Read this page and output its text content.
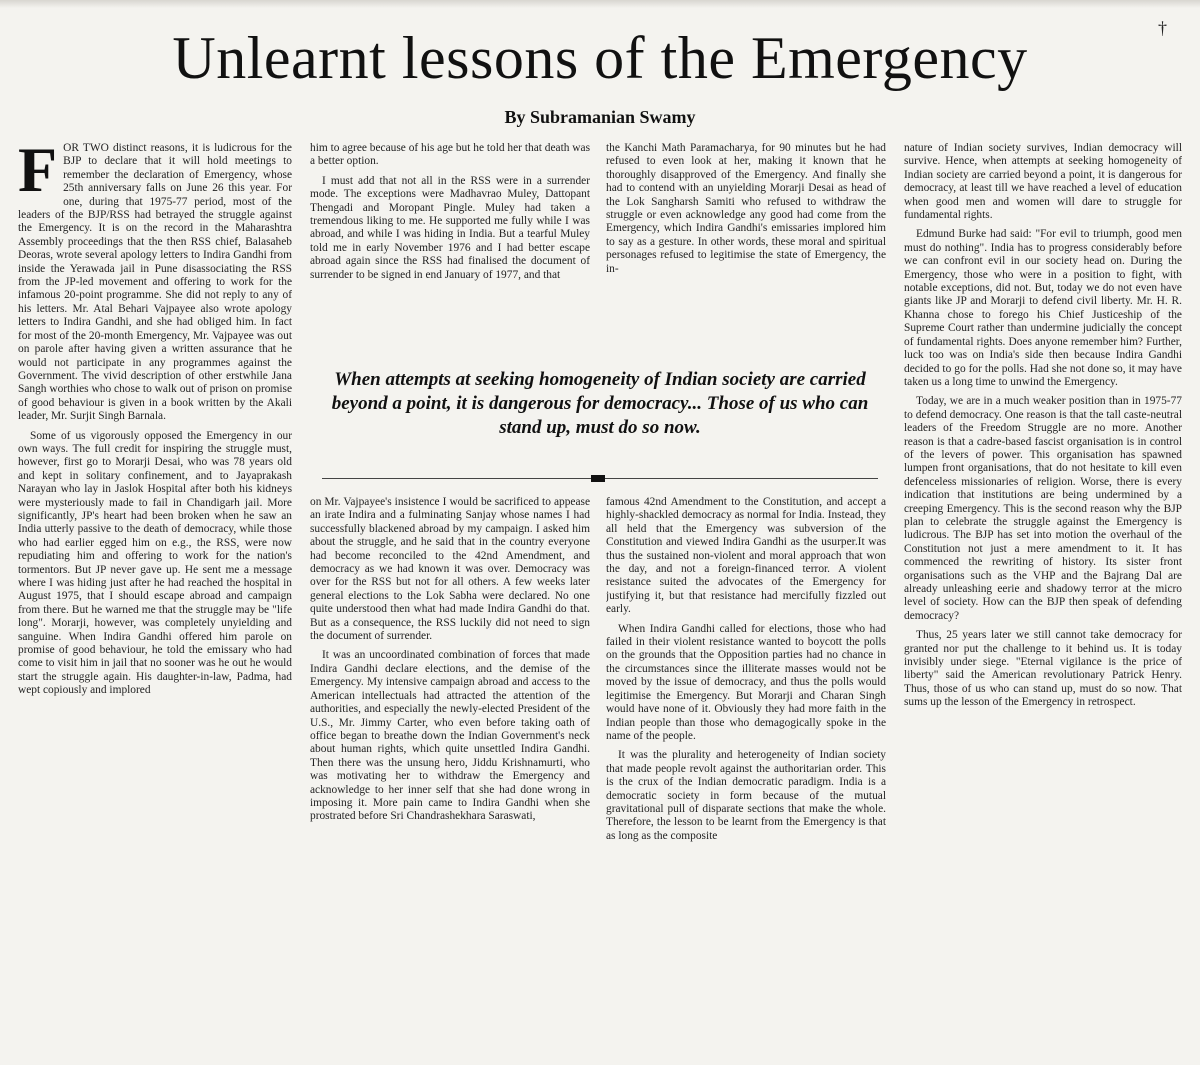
†
Unlearnt lessons of the Emergency
By Subramanian Swamy

FOR TWO distinct reasons, it is ludicrous for the BJP to declare that it will hold meetings to remember the declaration of Emergency, whose 25th anniversary falls on June 26 this year. For one, during that 1975-77 period, most of the leaders of the BJP/RSS had betrayed the struggle against the Emergency. It is on the record in the Maharashtra Assembly proceedings that the then RSS chief, Balasaheb Deoras, wrote several apology letters to Indira Gandhi from inside the Yerawada jail in Pune disassociating the RSS from the JP-led movement and offering to work for the infamous 20-point programme. She did not reply to any of his letters. Mr. Atal Behari Vajpayee also wrote apology letters to Indira Gandhi, and she had obliged him. In fact for most of the 20-month Emergency, Mr. Vajpayee was out on parole after having given a written assurance that he would not participate in any programmes against the Government. The vivid description of other erstwhile Jana Sangh worthies who chose to walk out of prison on promise of good behaviour is given in a book written by the Akali leader, Mr. Surjit Singh Barnala.

Some of us vigorously opposed the Emergency in our own ways. The full credit for inspiring the struggle must, however, first go to Morarji Desai, who was 78 years old and kept in solitary confinement, and to Jayaprakash Narayan who lay in Jaslok Hospital after both his kidneys were mysteriously made to fail in Chandigarh jail. More significantly, JP's heart had been broken when he saw an India utterly passive to the death of democracy, while those who had earlier egged him on e.g., the RSS, were now repudiating him and offering to work for the nation's tormentors. But JP never gave up. He sent me a message where I was hiding just after he had reached the hospital in August 1975, that I should escape abroad and campaign from there. But he warned me that the struggle may be "life long". Morarji, however, was completely unyielding and sanguine. When Indira Gandhi offered him parole on promise of good behaviour, he told the emissary who had come to visit him in jail that no sooner was he out he would start the struggle again. His daughter-in-law, Padma, had wept copiously and implored

him to agree because of his age but he told her that death was a better option.

I must add that not all in the RSS were in a surrender mode. The exceptions were Madhavrao Muley, Dattopant Thengadi and Moropant Pingle. Muley had taken a tremendous liking to me. He supported me fully while I was abroad, and while I was hiding in India. But a tearful Muley told me in early November 1976 and I had better escape abroad again since the RSS had finalised the document of surrender to be signed in end January of 1977, and that

the Kanchi Math Paramacharya, for 90 minutes but he had refused to even look at her, making it known that he thoroughly disapproved of the Emergency. And finally she had to contend with an unyielding Morarji Desai as head of the Lok Sangharsh Samiti who refused to withdraw the struggle or even acknowledge any good had come from the Emergency, which Indira Gandhi's emissaries implored him to say as a gesture. In other words, these moral and spiritual personages refused to legitimise the state of Emergency, the in-

When attempts at seeking homogeneity of Indian society are carried beyond a point, it is dangerous for democracy... Those of us who can stand up, must do so now.

on Mr. Vajpayee's insistence I would be sacrificed to appease an irate Indira and a fulminating Sanjay whose names I had successfully blackened abroad by my campaign. I asked him about the struggle, and he said that in the country everyone had become reconciled to the 42nd Amendment, and democracy as we had known it was over. Democracy was over for the RSS but not for all others. A few weeks later general elections to the Lok Sabha were declared. No one quite understood then what had made Indira Gandhi do that. But as a consequence, the RSS luckily did not need to sign the document of surrender.

It was an uncoordinated combination of forces that made Indira Gandhi declare elections, and the demise of the Emergency. My intensive campaign abroad and access to the American intellectuals had attracted the attention of the authorities, and especially the newly-elected President of the U.S., Mr. Jimmy Carter, who even before taking oath of office began to breathe down the Indian Government's neck about human rights, which quite unsettled Indira Gandhi. Then there was the unsung hero, Jiddu Krishnamurti, who was motivating her to withdraw the Emergency and acknowledge to her inner self that she had done wrong in imposing it. More pain came to Indira Gandhi when she prostrated before Sri Chandrashekhara Saraswati,

famous 42nd Amendment to the Constitution, and accept a highly-shackled democracy as normal for India. Instead, they all held that the Emergency was subversion of the Constitution and viewed Indira Gandhi as the usurper.It was thus the sustained non-violent and moral approach that won the day, and not a foreign-financed terror. A violent resistance suited the advocates of the Emergency for justifying it, but that resistance had mercifully fizzled out early.

When Indira Gandhi called for elections, those who had failed in their violent resistance wanted to boycott the polls on the grounds that the Opposition parties had no chance in the circumstances since the illiterate masses would not be moved by the issue of democracy, and thus the polls would legitimise the Emergency. But Morarji and Charan Singh would have none of it. Obviously they had more faith in the Indian people than those who demagogically spoke in the name of the people.

It was the plurality and heterogeneity of Indian society that made people revolt against the authoritarian order. This is the crux of the Indian democratic paradigm. India is a democratic society in form because of the mutual gravitational pull of disparate sections that make the whole. Therefore, the lesson to be learnt from the Emergency is that as long as the composite

nature of Indian society survives, Indian democracy will survive. Hence, when attempts at seeking homogeneity of Indian society are carried beyond a point, it is dangerous for democracy, at least till we have reached a level of education when good men and women will dare to struggle for fundamental rights.

Edmund Burke had said: "For evil to triumph, good men must do nothing". India has to progress considerably before we can confront evil in our society head on. During the Emergency, those who were in a position to fight, with notable exceptions, did not. But, today we do not even have giants like JP and Morarji to defend civil liberty. Mr. H. R. Khanna chose to forego his Chief Justiceship of the Supreme Court rather than undermine judicially the concept of fundamental rights. Does anyone remember him? Further, luck too was on India's side then because Indira Gandhi decided to go for the polls. Had she not done so, it may have taken us a long time to unwind the Emergency.

Today, we are in a much weaker position than in 1975-77 to defend democracy. One reason is that the tall caste-neutral leaders of the Freedom Struggle are no more. Another reason is that a cadre-based fascist organisation is in control of the levers of power. This organisation has spawned lumpen front organisations, that do not hesitate to kill even defenceless missionaries of religion. Worse, there is every indication that institutions are being undermined by a creeping Emergency. This is the second reason why the BJP plan to celebrate the struggle against the Emergency is ludicrous. The BJP has set into motion the overhaul of the Constitution not just a mere amendment to it. It has commenced the rewriting of history. Its sister front organisations such as the VHP and the Bajrang Dal are already unleashing eerie and shadowy terror at the micro level of society. How can the BJP then speak of defending democracy?

Thus, 25 years later we still cannot take democracy for granted nor put the challenge to it behind us. It is today invisibly under siege. "Eternal vigilance is the price of liberty" said the American revolutionary Patrick Henry. Thus, those of us who can stand up, must do so now. That sums up the lesson of the Emergency in retrospect.
